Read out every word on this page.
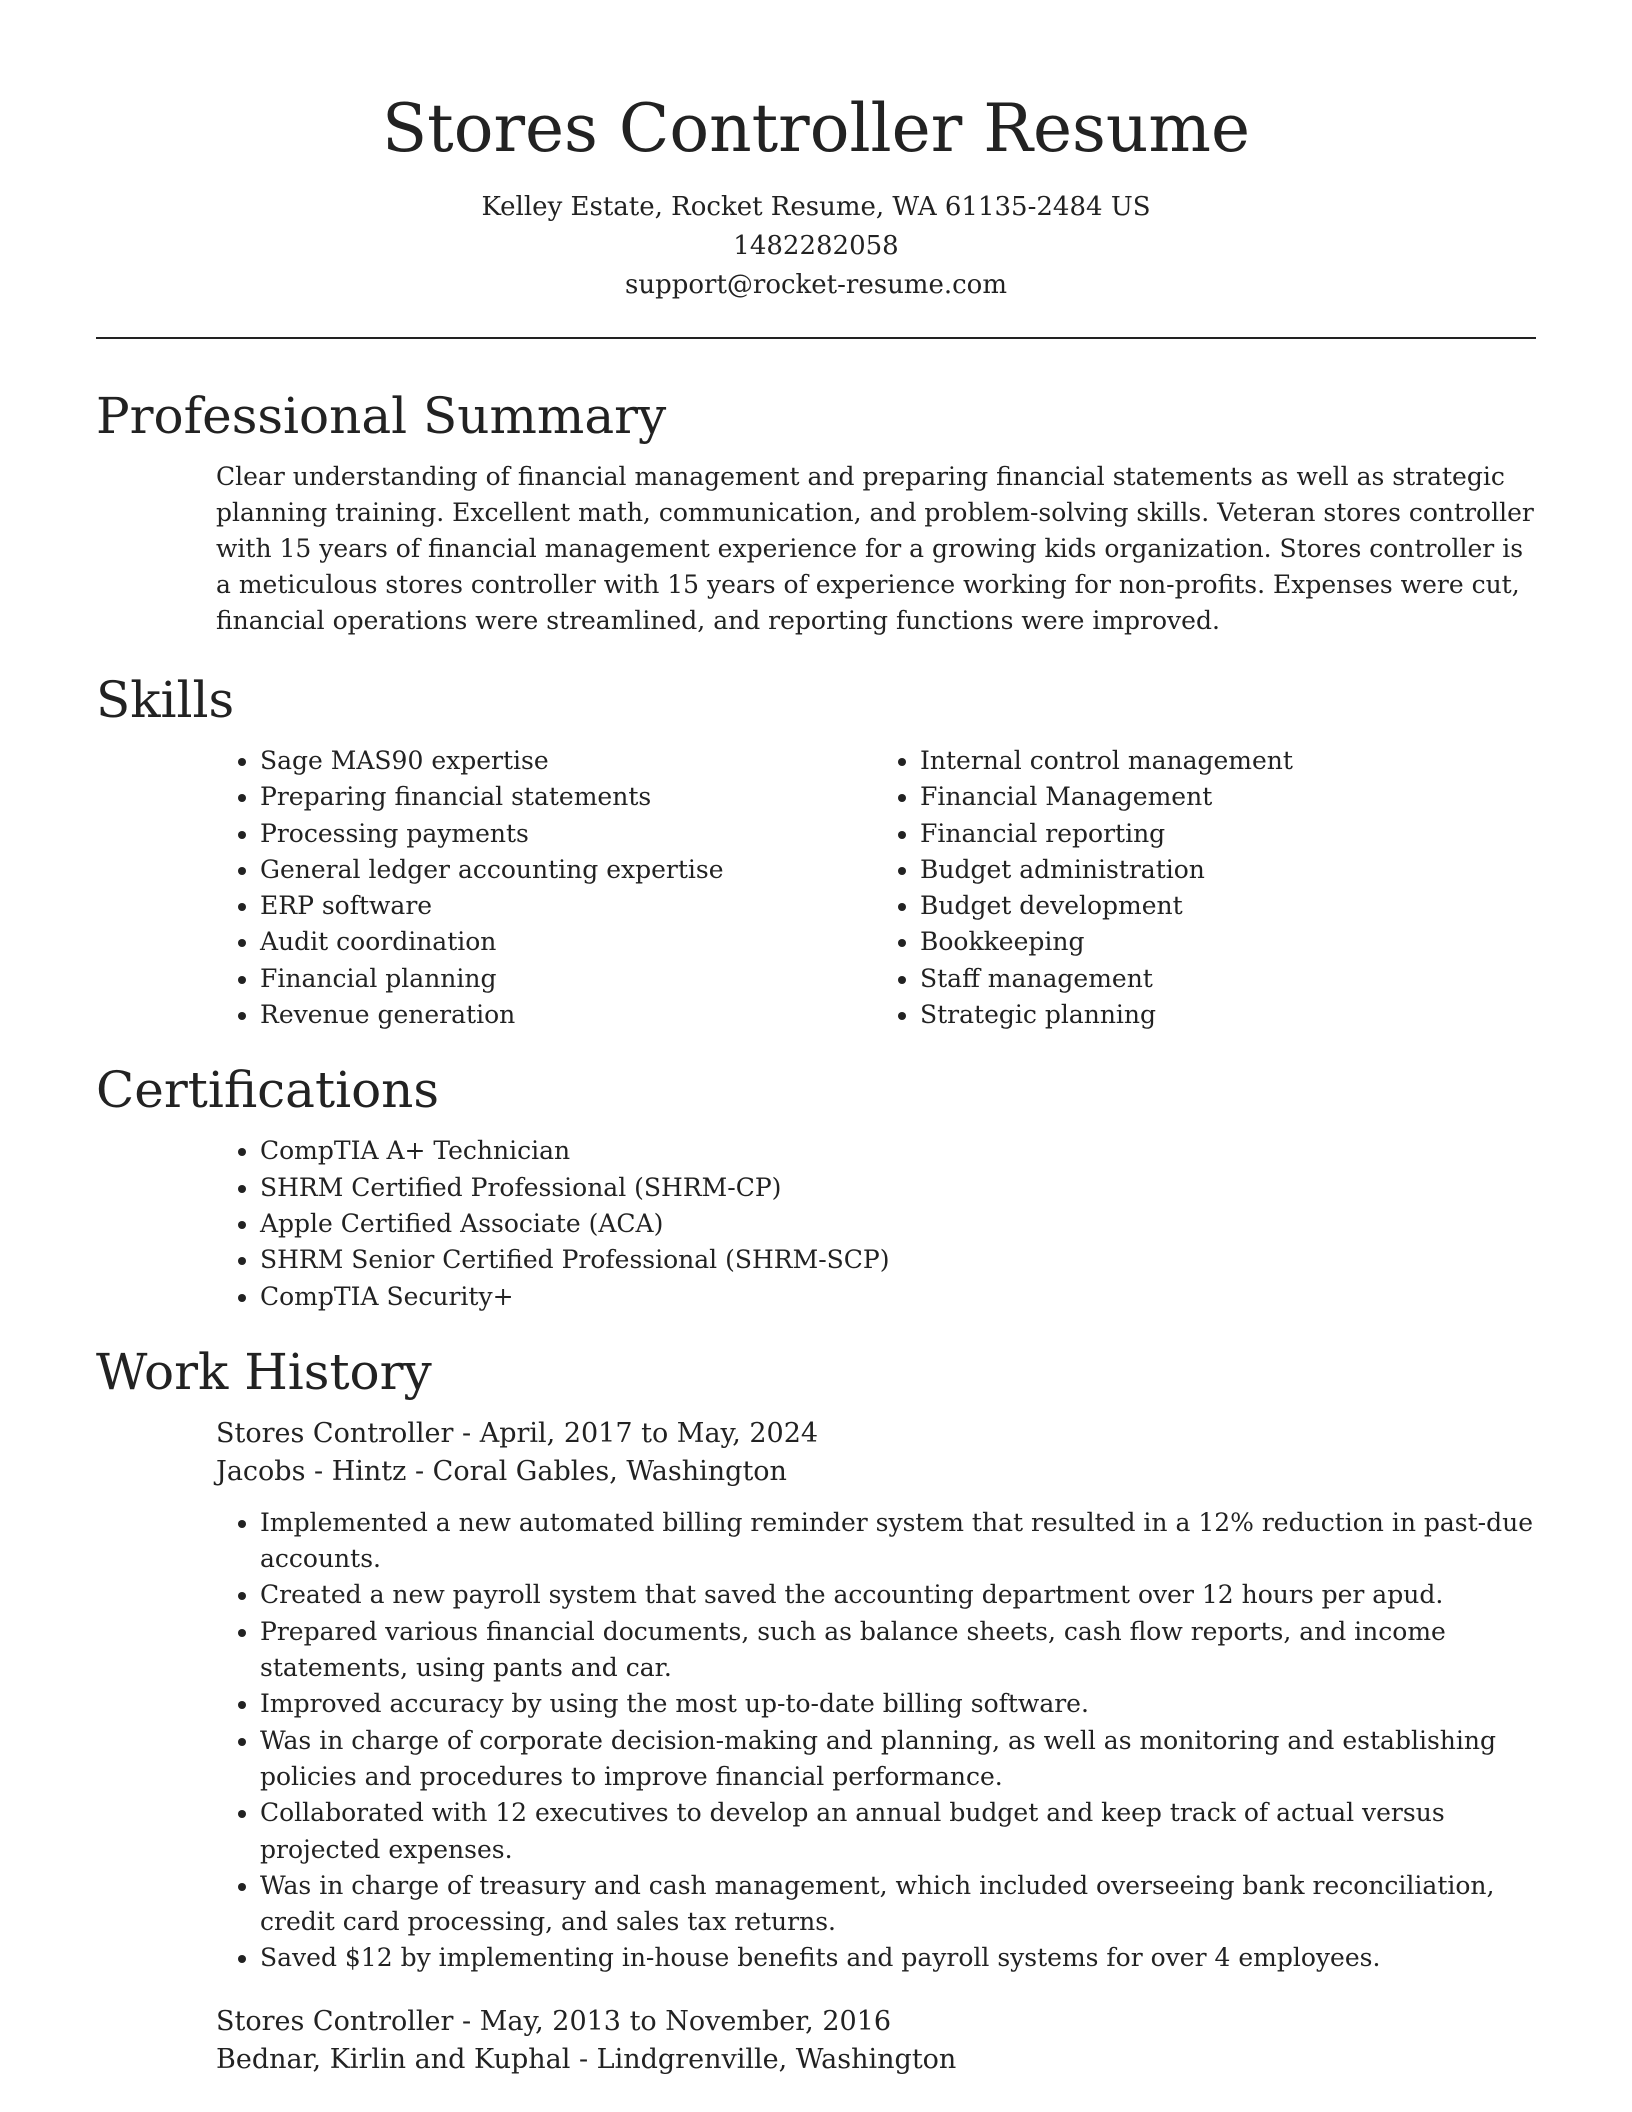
Stores Controller Resume
Kelley Estate, Rocket Resume, WA 61135-2484 US
1482282058
support@rocket-resume.com
Professional Summary

Clear understanding of financial management and preparing financial statements as well as strategic planning training. Excellent math, communication, and problem-solving skills. Veteran stores controller with 15 years of financial management experience for a growing kids organization. Stores controller is a meticulous stores controller with 15 years of experience working for non-profits. Expenses were cut, financial operations were streamlined, and reporting functions were improved.

Skills
• Sage MAS90 expertise
• Preparing financial statements
• Processing payments
• General ledger accounting expertise
• ERP software
• Audit coordination
• Financial planning
• Revenue generation
• Internal control management
• Financial Management
• Financial reporting
• Budget administration
• Budget development
• Bookkeeping
• Staff management
• Strategic planning
Certifications
• CompTIA A+ Technician
• SHRM Certified Professional (SHRM-CP)
• Apple Certified Associate (ACA)
• SHRM Senior Certified Professional (SHRM-SCP)
• CompTIA Security+
Work History
Stores Controller - April, 2017 to May, 2024
Jacobs - Hintz - Coral Gables, Washington
• Implemented a new automated billing reminder system that resulted in a 12% reduction in past-due accounts.
• Created a new payroll system that saved the accounting department over 12 hours per apud.
• Prepared various financial documents, such as balance sheets, cash flow reports, and income statements, using pants and car.
• Improved accuracy by using the most up-to-date billing software.
• Was in charge of corporate decision-making and planning, as well as monitoring and establishing policies and procedures to improve financial performance.
• Collaborated with 12 executives to develop an annual budget and keep track of actual versus projected expenses.
• Was in charge of treasury and cash management, which included overseeing bank reconciliation, credit card processing, and sales tax returns.
• Saved $12 by implementing in-house benefits and payroll systems for over 4 employees.
Stores Controller - May, 2013 to November, 2016
Bednar, Kirlin and Kuphal - Lindgrenville, Washington
